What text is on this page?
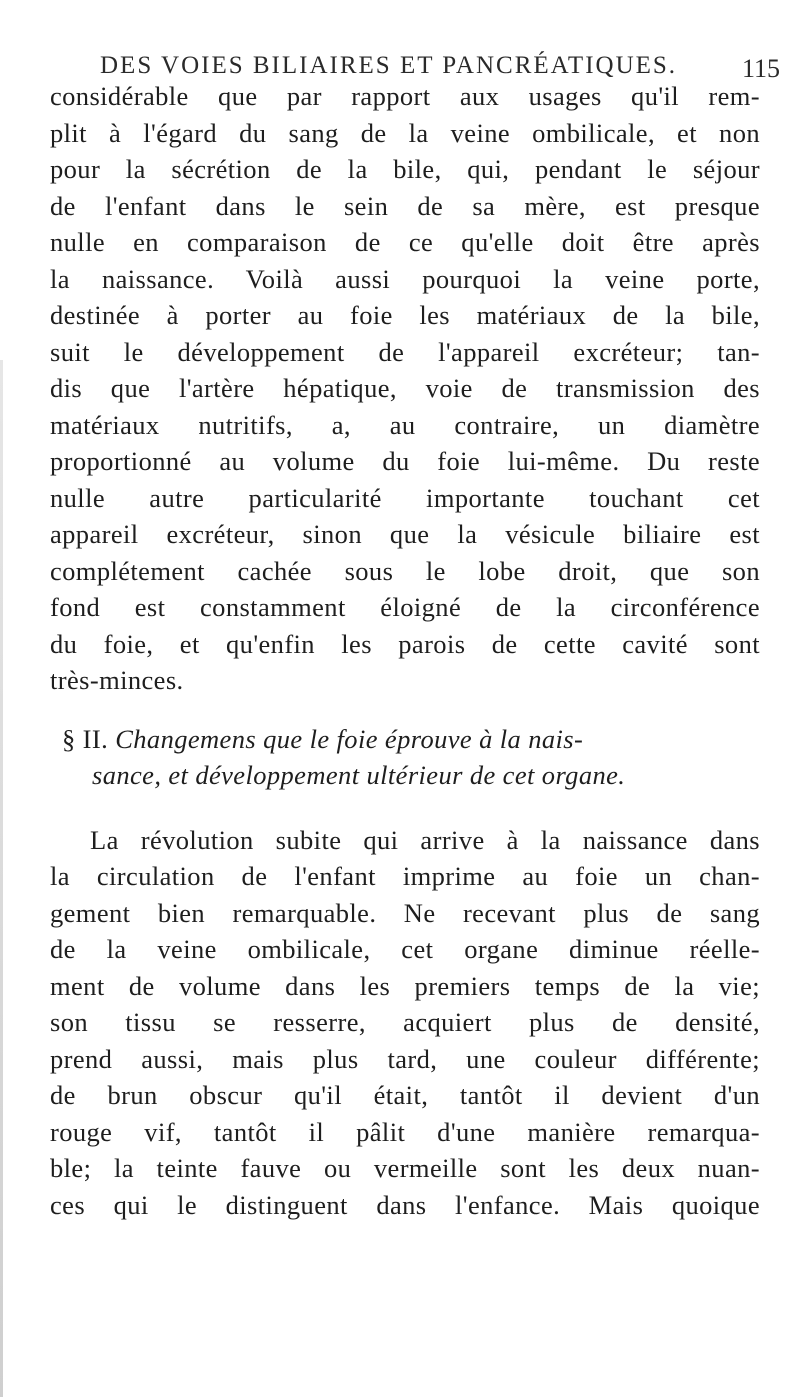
DES VOIES BILIAIRES ET PANCRÉATIQUES. 115
considérable que par rapport aux usages qu'il rem-
plit à l'égard du sang de la veine ombilicale, et non
pour la sécrétion de la bile, qui, pendant le séjour
de l'enfant dans le sein de sa mère, est presque
nulle en comparaison de ce qu'elle doit être après
la naissance. Voilà aussi pourquoi la veine porte,
destinée à porter au foie les matériaux de la bile,
suit le développement de l'appareil excréteur; tan-
dis que l'artère hépatique, voie de transmission des
matériaux nutritifs, a, au contraire, un diamètre
proportionné au volume du foie lui-même. Du reste
nulle autre particularité importante touchant cet
appareil excréteur, sinon que la vésicule biliaire est
complétement cachée sous le lobe droit, que son
fond est constamment éloigné de la circonférence
du foie, et qu'enfin les parois de cette cavité sont
très-minces.
§ II. Changemens que le foie éprouve à la nais-
sance, et développement ultérieur de cet organe.
La révolution subite qui arrive à la naissance dans
la circulation de l'enfant imprime au foie un chan-
gement bien remarquable. Ne recevant plus de sang
de la veine ombilicale, cet organe diminue réelle-
ment de volume dans les premiers temps de la vie;
son tissu se resserre, acquiert plus de densité,
prend aussi, mais plus tard, une couleur différente;
de brun obscur qu'il était, tantôt il devient d'un
rouge vif, tantôt il pâlit d'une manière remarqua-
ble; la teinte fauve ou vermeille sont les deux nuan-
ces qui le distinguent dans l'enfance. Mais quoique
